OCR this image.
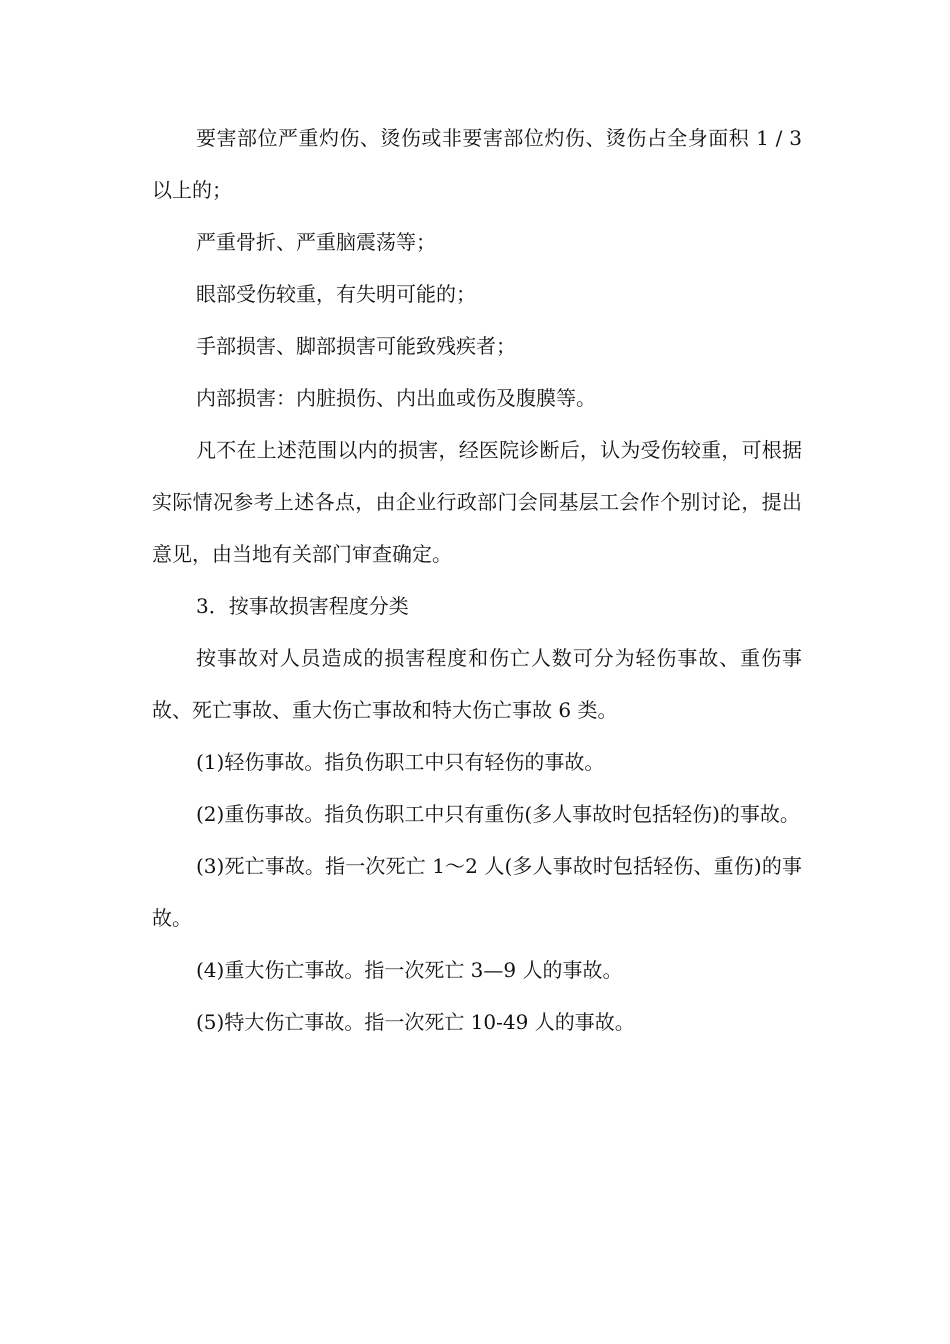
要害部位严重灼伤、烫伤或非要害部位灼伤、烫伤占全身面积 1 / 3 以上的；

严重骨折、严重脑震荡等；

眼部受伤较重，有失明可能的；

手部损害、脚部损害可能致残疾者；

内部损害：内脏损伤、内出血或伤及腹膜等。

凡不在上述范围以内的损害，经医院诊断后，认为受伤较重，可根据实际情况参考上述各点，由企业行政部门会同基层工会作个别讨论，提出意见，由当地有关部门审查确定。

3．按事故损害程度分类

按事故对人员造成的损害程度和伤亡人数可分为轻伤事故、重伤事故、死亡事故、重大伤亡事故和特大伤亡事故 6 类。

(1)轻伤事故。指负伤职工中只有轻伤的事故。

(2)重伤事故。指负伤职工中只有重伤(多人事故时包括轻伤)的事故。

(3)死亡事故。指一次死亡 1～2 人(多人事故时包括轻伤、重伤)的事故。

(4)重大伤亡事故。指一次死亡 3—9 人的事故。

(5)特大伤亡事故。指一次死亡 10-49 人的事故。
